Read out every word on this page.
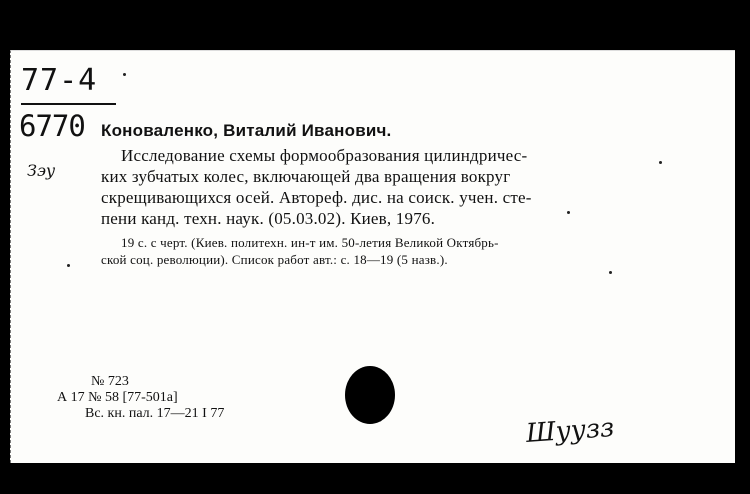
77-4
6770
Зэу
Коноваленко, Виталий Иванович.
Исследование схемы формообразования цилиндричес-
ких зубчатых колес, включающей два вращения вокруг
скрещивающихся осей. Автореф. дис. на соиск. учен. сте-
пени канд. техн. наук. (05.03.02). Киев, 1976.
19 с. с черт. (Киев. политехн. ин-т им. 50-летия Великой Октябрь-
ской соц. революции). Список работ авт.: с. 18—19 (5 назв.).
№ 723
А 17 № 58 [77-501а]
Вс. кн. пал. 17—21 I 77	Шуузз
